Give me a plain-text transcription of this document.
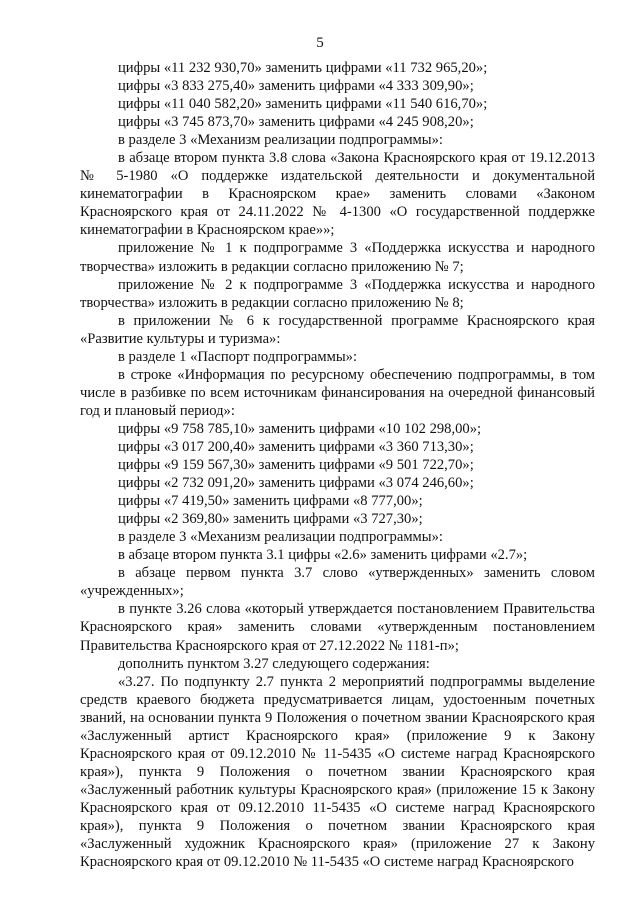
5

цифры «11 232 930,70» заменить цифрами «11 732 965,20»;

цифры «3 833 275,40» заменить цифрами «4 333 309,90»;

цифры «11 040 582,20» заменить цифрами «11 540 616,70»;

цифры «3 745 873,70» заменить цифрами «4 245 908,20»;

в разделе 3 «Механизм реализации подпрограммы»:

в абзаце втором пункта 3.8 слова «Закона Красноярского края от 19.12.2013 № 5-1980 «О поддержке издательской деятельности и документальной кинематографии в Красноярском крае» заменить словами «Законом Красноярского края от 24.11.2022 № 4-1300 «О государственной поддержке кинематографии в Красноярском крае»»;

приложение № 1 к подпрограмме 3 «Поддержка искусства и народного творчества» изложить в редакции согласно приложению № 7;

приложение № 2 к подпрограмме 3 «Поддержка искусства и народного творчества» изложить в редакции согласно приложению № 8;

в приложении № 6 к государственной программе Красноярского края «Развитие культуры и туризма»:

в разделе 1 «Паспорт подпрограммы»:

в строке «Информация по ресурсному обеспечению подпрограммы, в том числе в разбивке по всем источникам финансирования на очередной финансовый год и плановый период»:

цифры «9 758 785,10» заменить цифрами «10 102 298,00»;

цифры «3 017 200,40» заменить цифрами «3 360 713,30»;

цифры «9 159 567,30» заменить цифрами «9 501 722,70»;

цифры «2 732 091,20» заменить цифрами «3 074 246,60»;

цифры «7 419,50» заменить цифрами «8 777,00»;

цифры «2 369,80» заменить цифрами «3 727,30»;

в разделе 3 «Механизм реализации подпрограммы»:

в абзаце втором пункта 3.1 цифры «2.6» заменить цифрами «2.7»;

в абзаце первом пункта 3.7 слово «утвержденных» заменить словом «учрежденных»;

в пункте 3.26 слова «который утверждается постановлением Правительства Красноярского края» заменить словами «утвержденным постановлением Правительства Красноярского края от 27.12.2022 № 1181-п»;

дополнить пунктом 3.27 следующего содержания:

«3.27. По подпункту 2.7 пункта 2 мероприятий подпрограммы выделение средств краевого бюджета предусматривается лицам, удостоенным почетных званий, на основании пункта 9 Положения о почетном звании Красноярского края «Заслуженный артист Красноярского края» (приложение 9 к Закону Красноярского края от 09.12.2010 № 11-5435 «О системе наград Красноярского края»), пункта 9 Положения о почетном звании Красноярского края «Заслуженный работник культуры Красноярского края» (приложение 15 к Закону Красноярского края от 09.12.2010 11-5435 «О системе наград Красноярского края»), пункта 9 Положения о почетном звании Красноярского края «Заслуженный художник Красноярского края» (приложение 27 к Закону Красноярского края от 09.12.2010 № 11-5435 «О системе наград Красноярского
